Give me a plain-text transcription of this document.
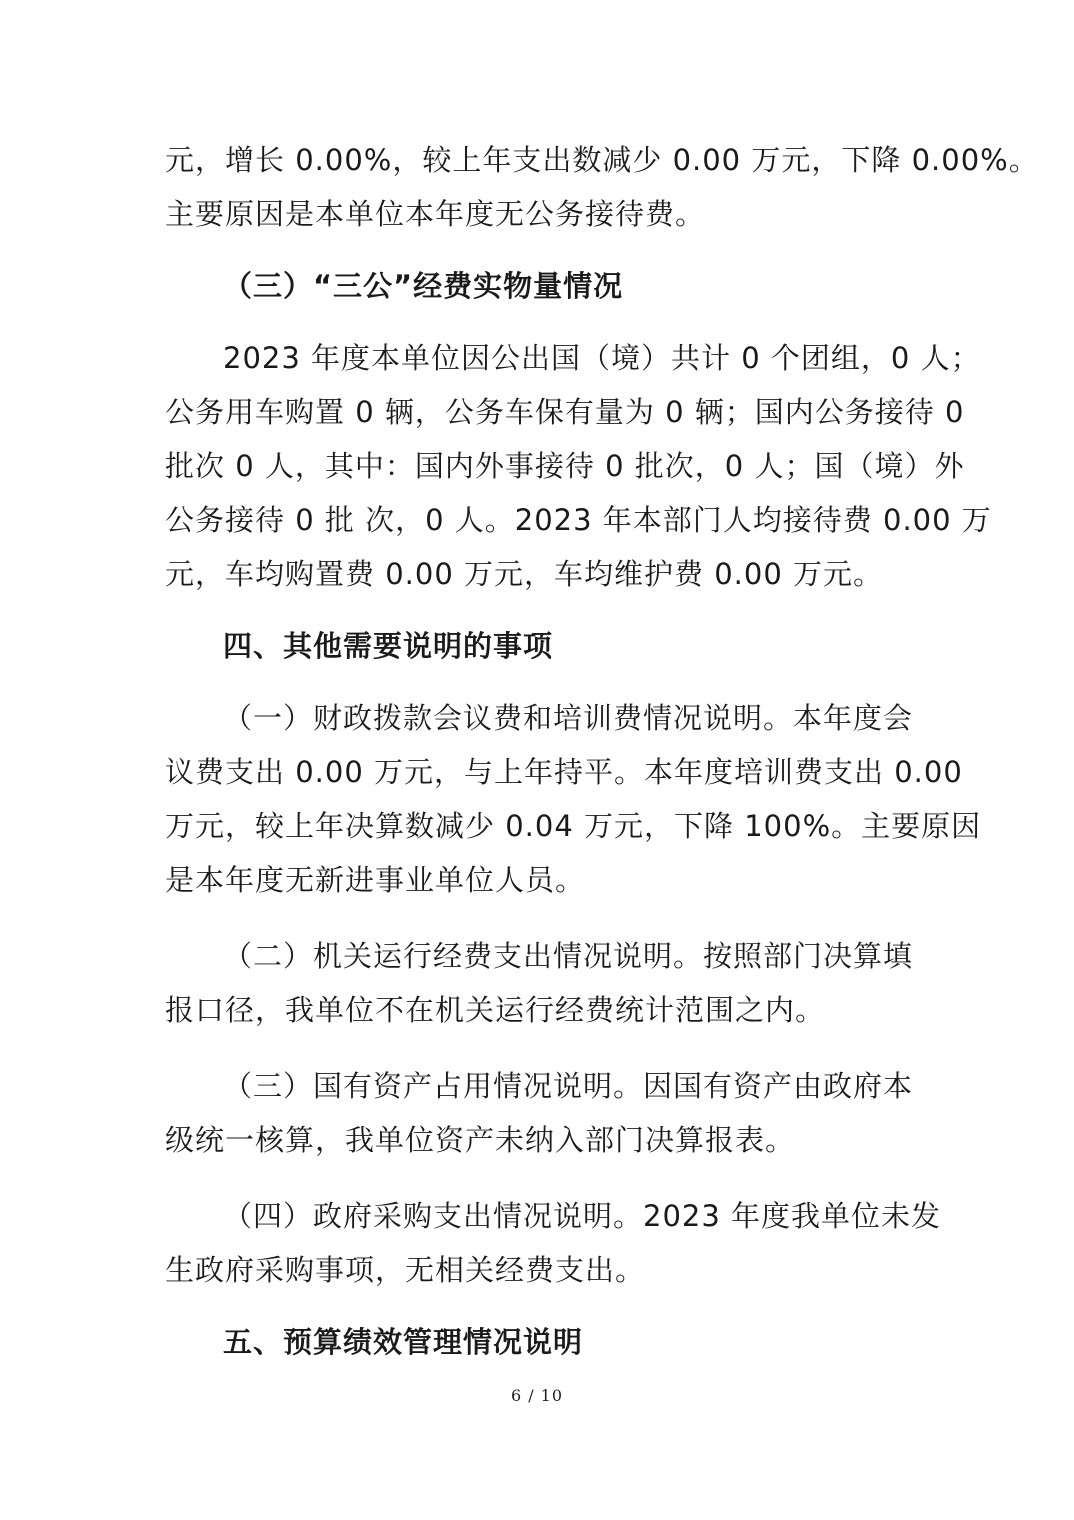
元，增长 0.00%，较上年支出数减少 0.00 万元，下降 0.00%。
主要原因是本单位本年度无公务接待费。
（三）“三公”经费实物量情况
2023 年度本单位因公出国（境）共计 0 个团组，0 人；
公务用车购置 0 辆，公务车保有量为 0 辆；国内公务接待 0
批次 0 人，其中：国内外事接待 0 批次，0 人；国（境）外
公务接待 0 批 次，0 人。2023 年本部门人均接待费 0.00 万
元，车均购置费 0.00 万元，车均维护费 0.00 万元。
四、其他需要说明的事项
（一）财政拨款会议费和培训费情况说明。本年度会
议费支出 0.00 万元，与上年持平。本年度培训费支出 0.00
万元，较上年决算数减少 0.04 万元，下降 100%。主要原因
是本年度无新进事业单位人员。
（二）机关运行经费支出情况说明。按照部门决算填
报口径，我单位不在机关运行经费统计范围之内。
（三）国有资产占用情况说明。因国有资产由政府本
级统一核算，我单位资产未纳入部门决算报表。
（四）政府采购支出情况说明。2023 年度我单位未发
生政府采购事项，无相关经费支出。
五、预算绩效管理情况说明
6 / 10
